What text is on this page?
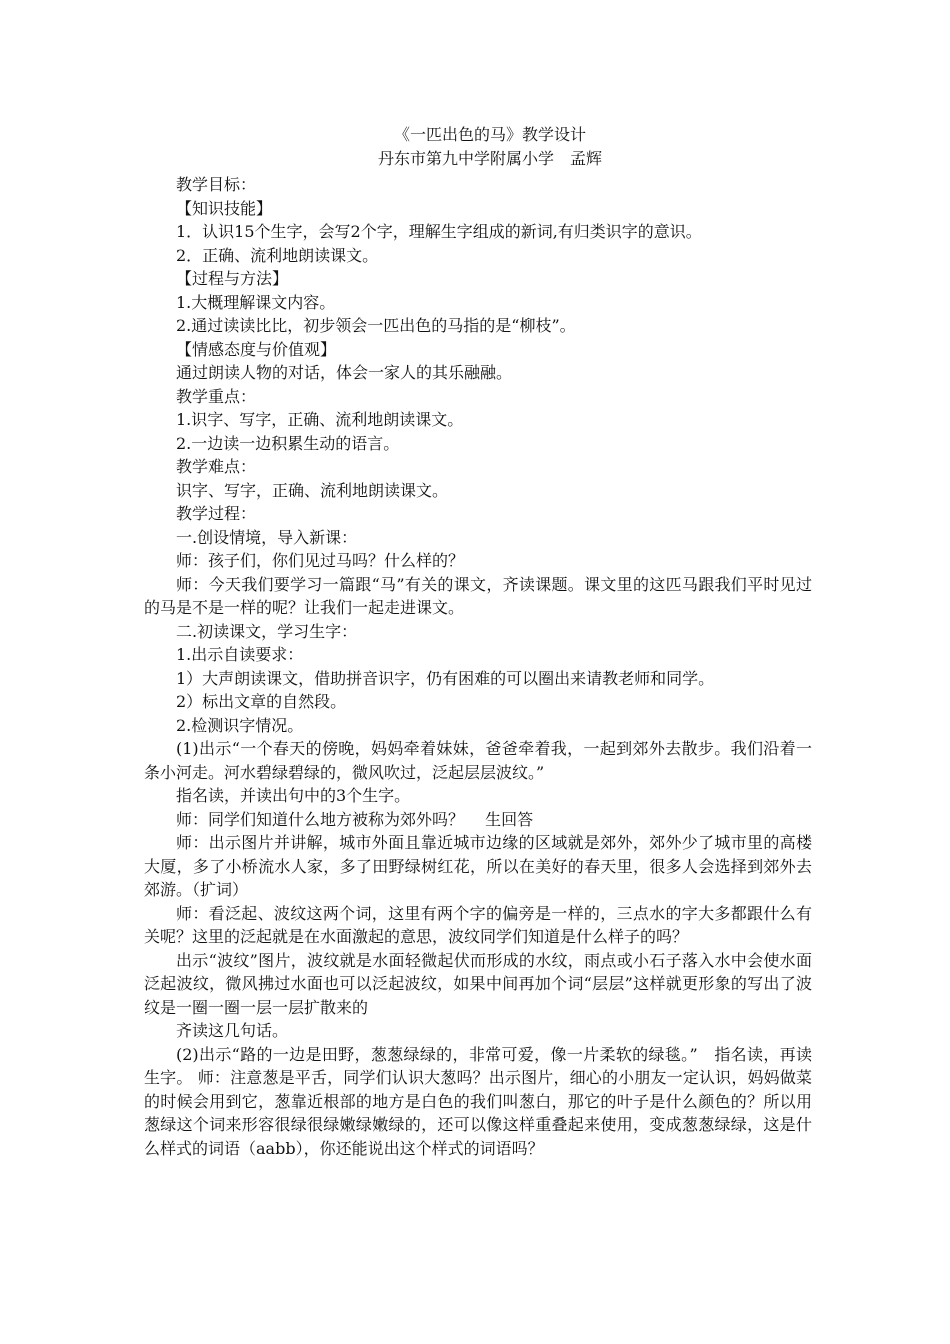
《一匹出色的马》教学设计
丹东市第九中学附属小学　孟辉

教学目标：

【知识技能】

1．认识15个生字，会写2个字，理解生字组成的新词,有归类识字的意识。

2．正确、流利地朗读课文。

【过程与方法】

1.大概理解课文内容。

2.通过读读比比，初步领会一匹出色的马指的是“柳枝”。

【情感态度与价值观】

通过朗读人物的对话，体会一家人的其乐融融。

教学重点：

1.识字、写字，正确、流利地朗读课文。

2.一边读一边积累生动的语言。

教学难点：

识字、写字，正确、流利地朗读课文。

教学过程：

一.创设情境，导入新课：

师：孩子们，你们见过马吗？什么样的？

师：今天我们要学习一篇跟“马”有关的课文，齐读课题。课文里的这匹马跟我们平时见过的马是不是一样的呢？让我们一起走进课文。

二.初读课文，学习生字：

1.出示自读要求：

1）大声朗读课文，借助拼音识字，仍有困难的可以圈出来请教老师和同学。

2）标出文章的自然段。

2.检测识字情况。

(1)出示“一个春天的傍晚，妈妈牵着妹妹，爸爸牵着我，一起到郊外去散步。我们沿着一条小河走。河水碧绿碧绿的，微风吹过，泛起层层波纹。”

指名读，并读出句中的3个生字。

师：同学们知道什么地方被称为郊外吗？　 生回答

师：出示图片并讲解，城市外面且靠近城市边缘的区域就是郊外，郊外少了城市里的高楼大厦，多了小桥流水人家，多了田野绿树红花，所以在美好的春天里，很多人会选择到郊外去郊游。（扩词）

师：看泛起、波纹这两个词，这里有两个字的偏旁是一样的，三点水的字大多都跟什么有关呢？这里的泛起就是在水面激起的意思，波纹同学们知道是什么样子的吗？

出示“波纹”图片，波纹就是水面轻微起伏而形成的水纹，雨点或小石子落入水中会使水面泛起波纹，微风拂过水面也可以泛起波纹，如果中间再加个词“层层”这样就更形象的写出了波纹是一圈一圈一层一层扩散来的

齐读这几句话。

(2)出示“路的一边是田野，葱葱绿绿的，非常可爱，像一片柔软的绿毯。”　指名读，再读生字。 师：注意葱是平舌，同学们认识大葱吗？出示图片，细心的小朋友一定认识，妈妈做菜的时候会用到它，葱靠近根部的地方是白色的我们叫葱白，那它的叶子是什么颜色的？所以用葱绿这个词来形容很绿很绿嫩绿嫩绿的，还可以像这样重叠起来使用，变成葱葱绿绿，这是什么样式的词语（aabb），你还能说出这个样式的词语吗？
